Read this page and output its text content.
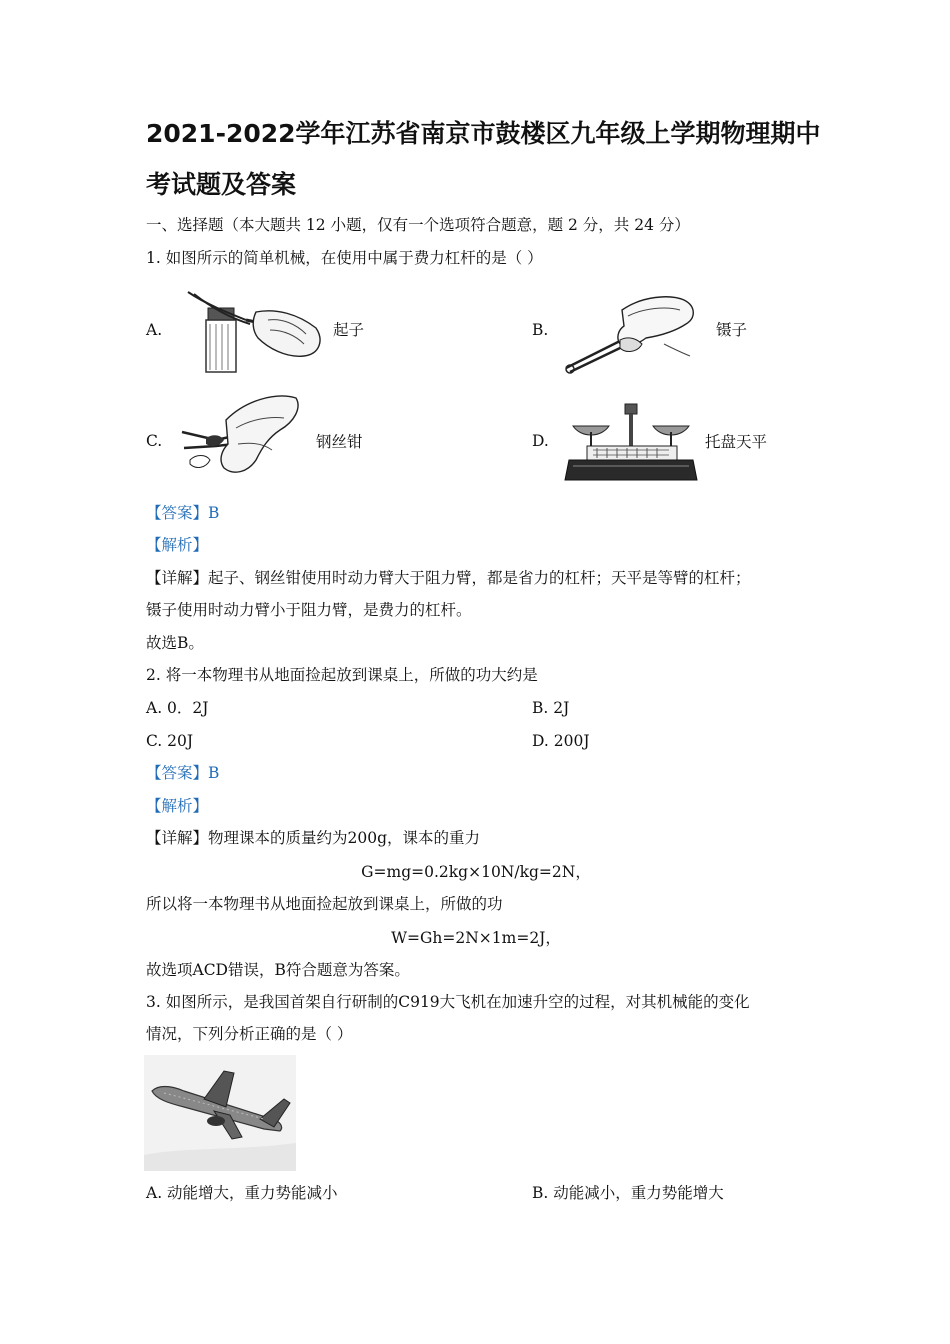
2021-2022学年江苏省南京市鼓楼区九年级上学期物理期中考试题及答案
一、选择题（本大题共 12 小题，仅有一个选项符合题意，题 2 分，共 24 分）
1. 如图所示的简单机械，在使用中属于费力杠杆的是（ ）
A.	起子	B.	镊子
C.	钢丝钳	D.	托盘天平
【答案】B
【解析】
【详解】起子、钢丝钳使用时动力臂大于阻力臂，都是省力的杠杆；天平是等臂的杠杆；
镊子使用时动力臂小于阻力臂，是费力的杠杆。
故选B。
2. 将一本物理书从地面捡起放到课桌上，所做的功大约是
A. 0．2J	B. 2J
C. 20J	D. 200J
【答案】B
【解析】
【详解】物理课本的质量约为200g，课本的重力
G=mg=0.2kg×10N/kg=2N，
所以将一本物理书从地面捡起放到课桌上，所做的功
W=Gh=2N×1m=2J，
故选项ACD错误，B符合题意为答案。
3. 如图所示，是我国首架自行研制的C919大飞机在加速升空的过程，对其机械能的变化
情况，下列分析正确的是（ ）
A. 动能增大，重力势能减小	B. 动能减小，重力势能增大
